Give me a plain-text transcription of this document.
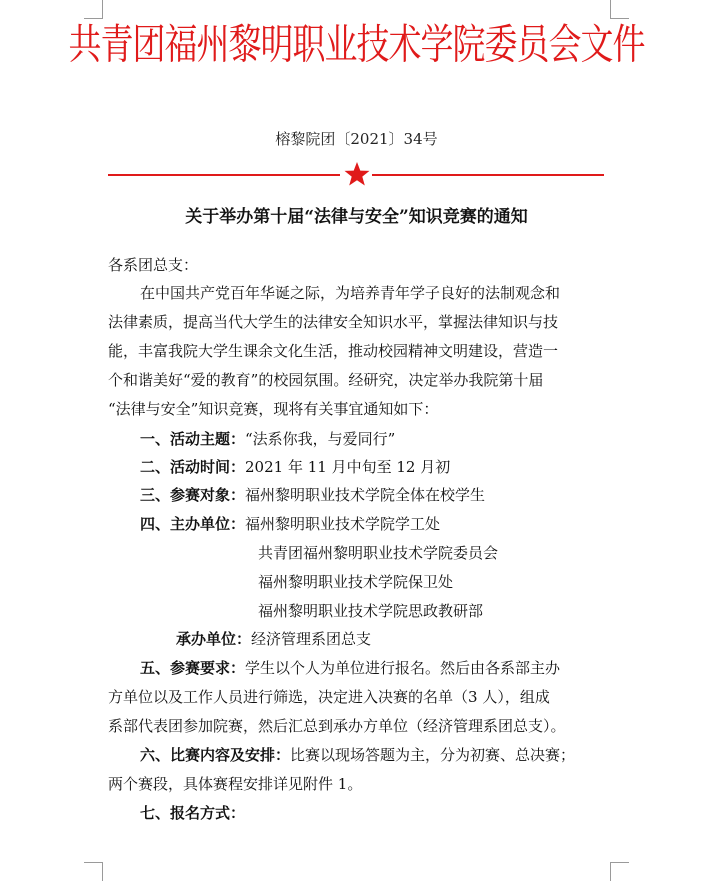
共青团福州黎明职业技术学院委员会文件
榕黎院团〔2021〕34号
关于举办第十届“法律与安全”知识竞赛的通知
各系团总支：
在中国共产党百年华诞之际，为培养青年学子良好的法制观念和
法律素质，提高当代大学生的法律安全知识水平，掌握法律知识与技
能，丰富我院大学生课余文化生活，推动校园精神文明建设，营造一
个和谐美好“爱的教育”的校园氛围。经研究，决定举办我院第十届
“法律与安全”知识竞赛，现将有关事宜通知如下：
一、活动主题：“法系你我，与爱同行”
二、活动时间：2021 年 11 月中旬至 12 月初
三、参赛对象：福州黎明职业技术学院全体在校学生
四、主办单位：福州黎明职业技术学院学工处
共青团福州黎明职业技术学院委员会
福州黎明职业技术学院保卫处
福州黎明职业技术学院思政教研部
承办单位：经济管理系团总支
五、参赛要求：学生以个人为单位进行报名。然后由各系部主办
方单位以及工作人员进行筛选，决定进入决赛的名单（3 人），组成
系部代表团参加院赛，然后汇总到承办方单位（经济管理系团总支）。
六、比赛内容及安排：比赛以现场答题为主，分为初赛、总决赛；
两个赛段，具体赛程安排详见附件 1。
七、报名方式：
